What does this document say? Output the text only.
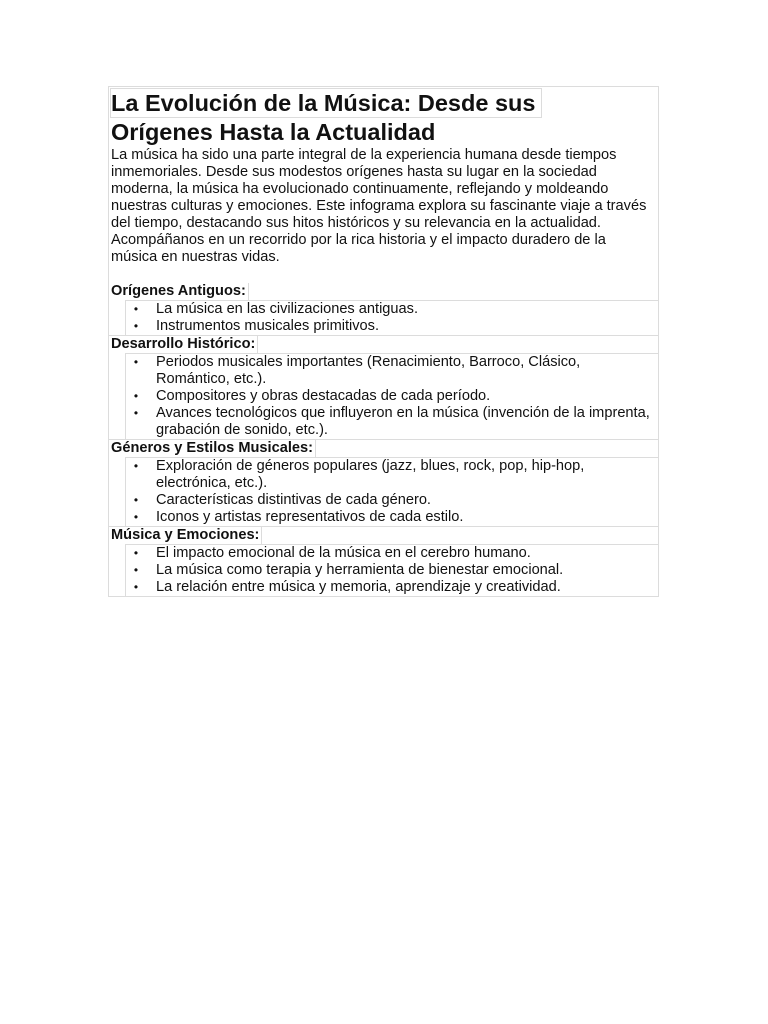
La Evolución de la Música: Desde sus
Orígenes Hasta la Actualidad

La música ha sido una parte integral de la experiencia humana desde tiempos inmemoriales. Desde sus modestos orígenes hasta su lugar en la sociedad moderna, la música ha evolucionado continuamente, reflejando y moldeando nuestras culturas y emociones. Este infograma explora su fascinante viaje a través del tiempo, destacando sus hitos históricos y su relevancia en la actualidad. Acompáñanos en un recorrido por la rica historia y el impacto duradero de la música en nuestras vidas.

Orígenes Antiguos:
• La música en las civilizaciones antiguas.
• Instrumentos musicales primitivos.
Desarrollo Histórico:
• Periodos musicales importantes (Renacimiento, Barroco, Clásico, Romántico, etc.).
• Compositores y obras destacadas de cada período.
• Avances tecnológicos que influyeron en la música (invención de la imprenta, grabación de sonido, etc.).
Géneros y Estilos Musicales:
• Exploración de géneros populares (jazz, blues, rock, pop, hip-hop, electrónica, etc.).
• Características distintivas de cada género.
• Iconos y artistas representativos de cada estilo.
Música y Emociones:
• El impacto emocional de la música en el cerebro humano.
• La música como terapia y herramienta de bienestar emocional.
• La relación entre música y memoria, aprendizaje y creatividad.
